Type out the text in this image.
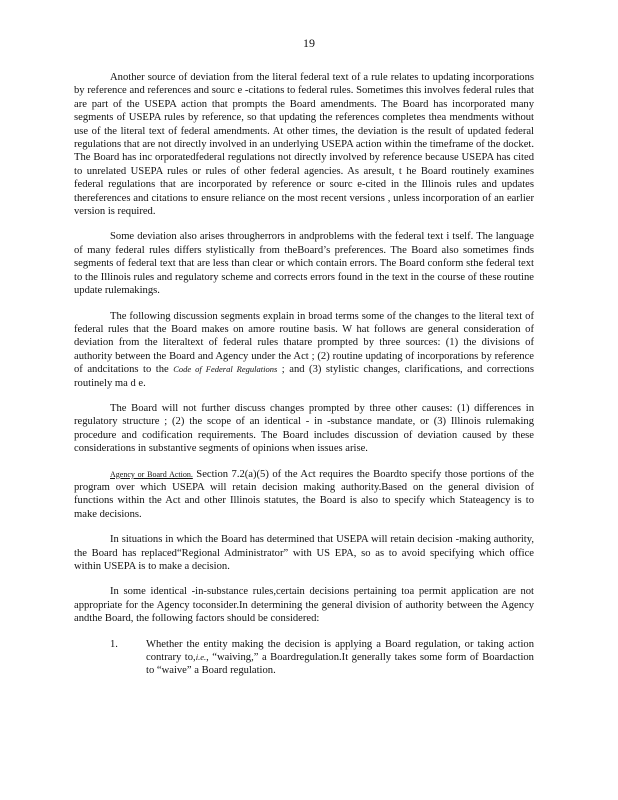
19

Another source of deviation from the literal federal text of a rule relates to updating incorporations by reference and references and sourc e -citations to federal rules. Sometimes this involves federal rules that are part of the USEPA action that prompts the Board amendments. The Board has incorporated many segments of USEPA rules by reference, so that updating the references completes thea mendments without use of the literal text of federal amendments. At other times, the deviation is the result of updated federal regulations that are not directly involved in an underlying USEPA action within the timeframe of the docket. The Board has inc orporatedfederal regulations not directly involved by reference because USEPA has cited to unrelated USEPA rules or rules of other federal agencies. As aresult, t he Board routinely examines federal regulations that are incorporated by reference or sourc e-cited in the Illinois rules and updates thereferences and citations to ensure reliance on the most recent versions , unless incorporation of an earlier version is required.

Some deviation also arises througherrors in andproblems with the federal text i tself. The language of many federal rules differs stylistically from theBoard’s preferences. The Board also sometimes finds segments of federal text that are less than clear or which contain errors. The Board conform sthe federal text to the Illinois rules and regulatory scheme and corrects errors found in the text in the course of these routine update rulemakings.

The following discussion segments explain in broad terms some of the changes to the literal text of federal rules that the Board makes on amore routine basis. W hat follows are general consideration of deviation from the literaltext of federal rules thatare prompted by three sources: (1) the divisions of authority between the Board and Agency under the Act ; (2) routine updating of incorporations by reference of andcitations to the Code of Federal Regulations ; and (3) stylistic changes, clarifications, and corrections routinely ma d e.

The Board will not further discuss changes prompted by three other causes: (1) differences in regulatory structure ; (2) the scope of an identical - in -substance mandate, or (3) Illinois rulemaking procedure and codification requirements. The Board includes discussion of deviation caused by these considerations in substantive segments of opinions when issues arise.

Agency or Board Action. Section 7.2(a)(5) of the Act requires the Boardto specify those portions of the program over which USEPA will retain decision making authority.Based on the general division of functions within the Act and other Illinois statutes, the Board is also to specify which Stateagency is to make decisions.

In situations in which the Board has determined that USEPA will retain decision -making authority, the Board has replaced“Regional Administrator” with US EPA, so as to avoid specifying which office within USEPA is to make a decision.

In some identical -in-substance rules,certain decisions pertaining toa permit application are not appropriate for the Agency toconsider.In determining the general division of authority between the Agency andthe Board, the following factors should be considered:

1.	Whether the entity making the decision is applying a Board regulation, or taking action contrary to,i.e., “waiving,” a Boardregulation.It generally takes some form of Boardaction to “waive” a Board regulation.
